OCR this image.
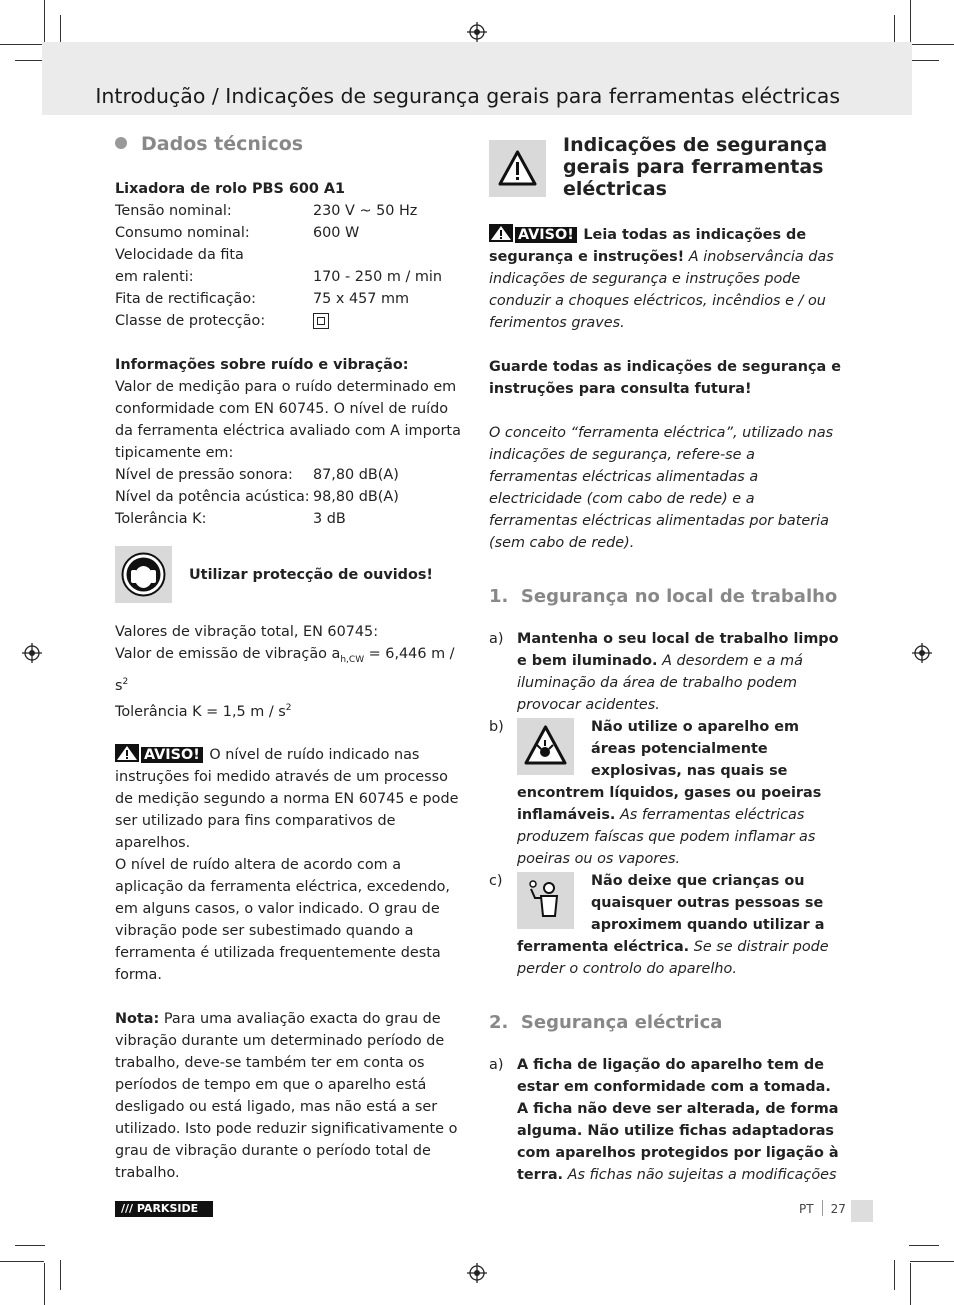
Introdução / Indicações de segurança gerais para ferramentas eléctricas
Dados técnicos
Lixadora de rolo PBS 600 A1
Tensão nominal:	230 V ~ 50 Hz
Consumo nominal:	600 W
Velocidade da fita
em ralenti:	170 - 250 m / min
Fita de rectificação:	75 x 457 mm
Classe de protecção:
Informações sobre ruído e vibração:
Valor de medição para o ruído determinado em conformidade com EN 60745. O nível de ruído da ferramenta eléctrica avaliado com A importa tipicamente em:
Nível de pressão sonora:	87,80 dB(A)
Nível da potência acústica: 98,80 dB(A)
Tolerância K:	3 dB
Utilizar protecção de ouvidos!
Valores de vibração total, EN 60745:
Valor de emissão de vibração $a_{h,CW} = 6,446$ m / $s^2$
Tolerância K = 1,5 m / $s^2$
AVISO! O nível de ruído indicado nas instruções foi medido através de um processo de medição segundo a norma EN 60745 e pode ser utilizado para fins comparativos de aparelhos.
O nível de ruído altera de acordo com a aplicação da ferramenta eléctrica, excedendo, em alguns casos, o valor indicado. O grau de vibração pode ser subestimado quando a ferramenta é utilizada frequentemente desta forma.
Nota: Para uma avaliação exacta do grau de vibração durante um determinado período de trabalho, deve-se também ter em conta os períodos de tempo em que o aparelho está desligado ou está ligado, mas não está a ser utilizado. Isto pode reduzir significativamente o grau de vibração durante o período total de trabalho.
Indicações de segurança gerais para ferramentas eléctricas
AVISO! Leia todas as indicações de segurança e instruções! A inobservância das indicações de segurança e instruções pode conduzir a choques eléctricos, incêndios e / ou ferimentos graves.
Guarde todas as indicações de segurança e instruções para consulta futura!
O conceito “ferramenta eléctrica”, utilizado nas indicações de segurança, refere-se a ferramentas eléctricas alimentadas a electricidade (com cabo de rede) e a ferramentas eléctricas alimentadas por bateria (sem cabo de rede).
1.  Segurança no local de trabalho
a) Mantenha o seu local de trabalho limpo e bem iluminado. A desordem e a má iluminação da área de trabalho podem provocar acidentes.
b)	Não utilize o aparelho em áreas potencialmente explosivas, nas quais se encontrem líquidos, gases ou poeiras inflamáveis. As ferramentas eléctricas produzem faíscas que podem inflamar as poeiras ou os vapores.
c)	Não deixe que crianças ou quaisquer outras pessoas se aproximem quando utilizar a ferramenta eléctrica. Se se distrair pode perder o controlo do aparelho.
2.  Segurança eléctrica
a) A ficha de ligação do aparelho tem de estar em conformidade com a tomada. A ficha não deve ser alterada, de forma alguma. Não utilize fichas adaptadoras com aparelhos protegidos por ligação à terra. As fichas não sujeitas a modificações
/// PARKSIDE	PT 27
